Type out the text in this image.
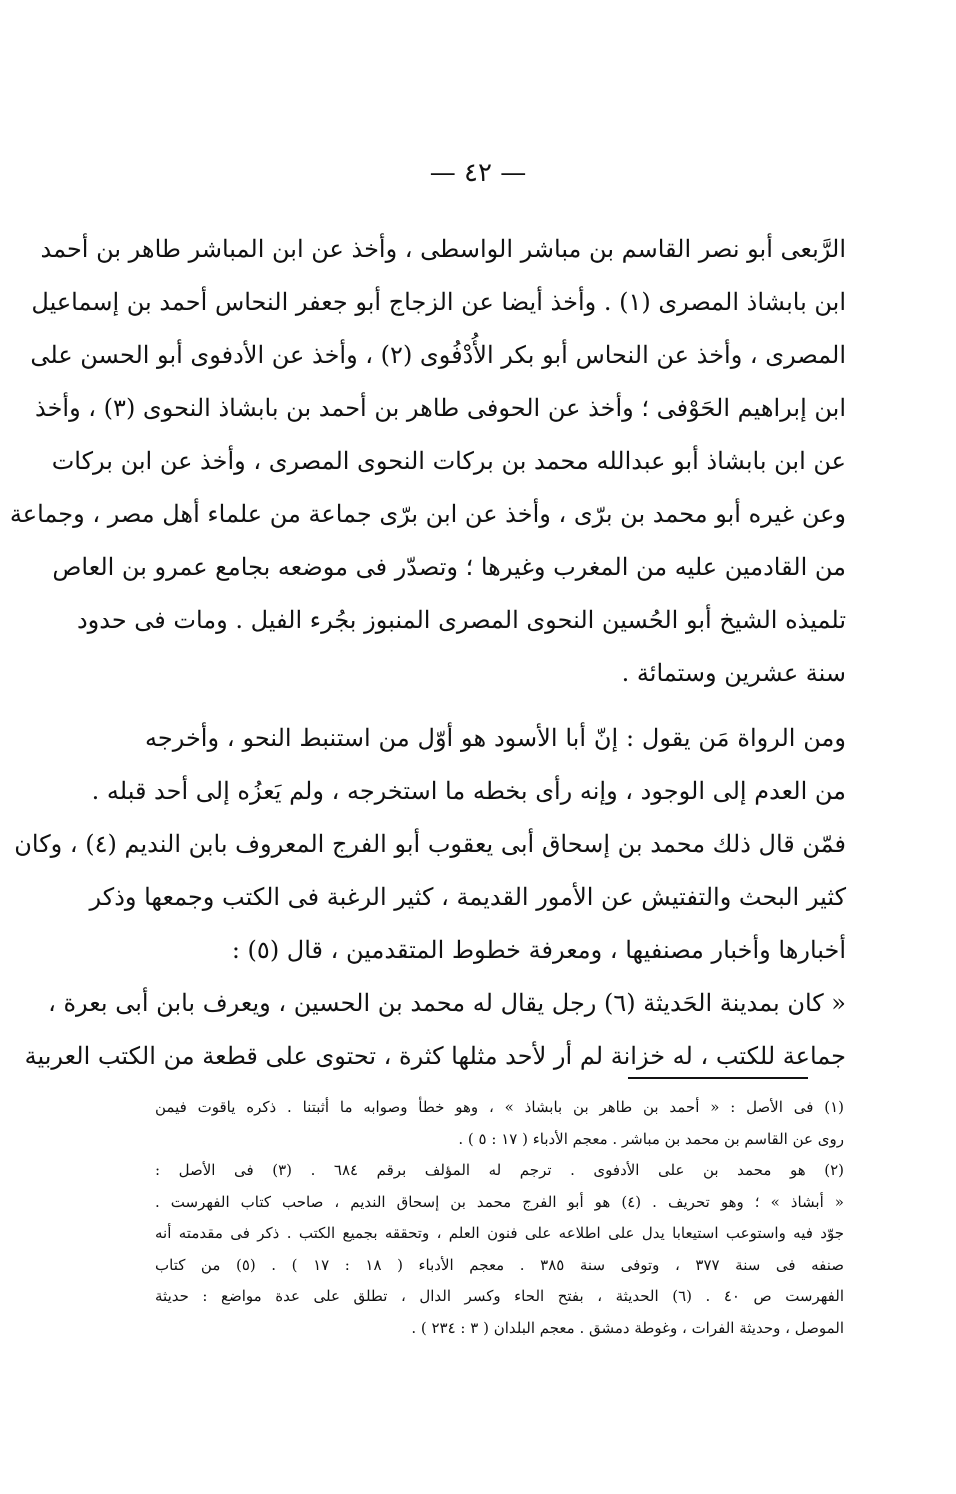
— ٤٢ —
الرَّبعى أبو نصر القاسم بن مباشر الواسطى ، وأخذ عن ابن المباشر طاهر بن أحمد
ابن بابشاذ المصرى (١) . وأخذ أيضا عن الزجاج أبو جعفر النحاس أحمد بن إسماعيل
المصرى ، وأخذ عن النحاس أبو بكر الأُدْفُوى (٢) ، وأخذ عن الأدفوى أبو الحسن على
ابن إبراهيم الحَوْفى ؛ وأخذ عن الحوفى طاهر بن أحمد بن بابشاذ النحوى (٣) ، وأخذ
عن ابن بابشاذ أبو عبدالله محمد بن بركات النحوى المصرى ، وأخذ عن ابن بركات
وعن غيره أبو محمد بن برّى ، وأخذ عن ابن برّى جماعة من علماء أهل مصر ، وجماعة
من القادمين عليه من المغرب وغيرها ؛ وتصدّر فى موضعه بجامع عمرو بن العاص
تلميذه الشيخ أبو الحُسين النحوى المصرى المنبوز بجُرء الفيل . ومات فى حدود
سنة عشرين وستمائة .
ومن الرواة مَن يقول : إنّ أبا الأسود هو أوّل من استنبط النحو ، وأخرجه
من العدم إلى الوجود ، وإنه رأى بخطه ما استخرجه ، ولم يَعزُه إلى أحد قبله .
فمّن قال ذلك محمد بن إسحاق أبى يعقوب أبو الفرج المعروف بابن النديم (٤) ، وكان
كثير البحث والتفتيش عن الأمور القديمة ، كثير الرغبة فى الكتب وجمعها وذكر
أخبارها وأخبار مصنفيها ، ومعرفة خطوط المتقدمين ، قال (٥) :
« كان بمدينة الحَديثة (٦) رجل يقال له محمد بن الحسين ، ويعرف بابن أبى بعرة ،
جماعة للكتب ، له خزانة لم أر لأحد مثلها كثرة ، تحتوى على قطعة من الكتب العربية
(١) فى الأصل : « أحمد بن طاهر بن بابشاذ » ، وهو خطأ وصوابه ما أثبتنا . ذكره ياقوت فيمن
روى عن القاسم بن محمد بن مباشر . معجم الأدباء ( ١٧ : ٥ ) .
(٢) هو محمد بن على الأدفوى . ترجم له المؤلف برقم ٦٨٤ . (٣) فى الأصل :
« أبشاذ » ؛ وهو تحريف . (٤) هو أبو الفرج محمد بن إسحاق النديم ، صاحب كتاب الفهرست .
جوّد فيه واستوعب استيعابا يدل على اطلاعه على فنون العلم ، وتحققه بجميع الكتب . ذكر فى مقدمته أنه
صنفه فى سنة ٣٧٧ ، وتوفى سنة ٣٨٥ . معجم الأدباء ( ١٨ : ١٧ ) . (٥) من كتاب
الفهرست ص ٤٠ . (٦) الحديثة ، بفتح الحاء وكسر الدال ، تطلق على عدة مواضع : حديثة
الموصل ، وحديثة الفرات ، وغوطة دمشق . معجم البلدان ( ٣ : ٢٣٤ ) .
